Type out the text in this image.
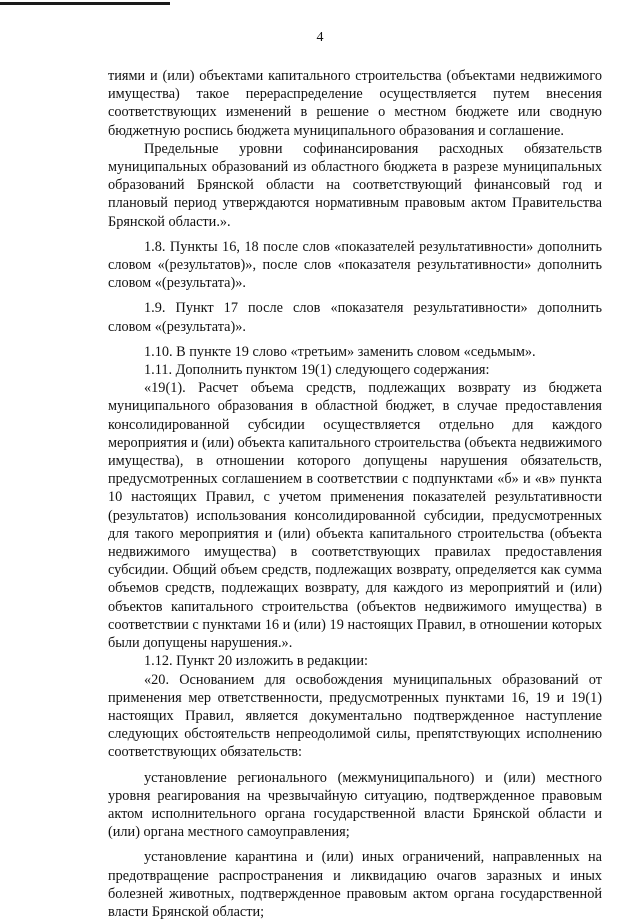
4

тиями и (или) объектами капитального строительства (объектами недвижимого имущества) такое перераспределение осуществляется путем внесения соответствующих изменений в решение о местном бюджете или сводную бюджетную роспись бюджета муниципального образования и соглашение.

Предельные уровни софинансирования расходных обязательств муниципальных образований из областного бюджета в разрезе муниципальных образований Брянской области на соответствующий финансовый год и плановый период утверждаются нормативным правовым актом Правительства Брянской области.».

1.8. Пункты 16, 18 после слов «показателей результативности» дополнить словом «(результатов)», после слов «показателя результативности» дополнить словом «(результата)».

1.9. Пункт 17 после слов «показателя результативности» дополнить словом «(результата)».

1.10. В пункте 19 слово «третьим» заменить словом «седьмым».

1.11. Дополнить пунктом 19(1) следующего содержания:

«19(1). Расчет объема средств, подлежащих возврату из бюджета муниципального образования в областной бюджет, в случае предоставления консолидированной субсидии осуществляется отдельно для каждого мероприятия и (или) объекта капитального строительства (объекта недвижимого имущества), в отношении которого допущены нарушения обязательств, предусмотренных соглашением в соответствии с подпунктами «б» и «в» пункта 10 настоящих Правил, с учетом применения показателей результативности (результатов) использования консолидированной субсидии, предусмотренных для такого мероприятия и (или) объекта капитального строительства (объекта недвижимого имущества) в соответствующих правилах предоставления субсидии. Общий объем средств, подлежащих возврату, определяется как сумма объемов средств, подлежащих возврату, для каждого из мероприятий и (или) объектов капитального строительства (объектов недвижимого имущества) в соответствии с пунктами 16 и (или) 19 настоящих Правил, в отношении которых были допущены нарушения.».

1.12. Пункт 20 изложить в редакции:

«20. Основанием для освобождения муниципальных образований от применения мер ответственности, предусмотренных пунктами 16, 19 и 19(1) настоящих Правил, является документально подтвержденное наступление следующих обстоятельств непреодолимой силы, препятствующих исполнению соответствующих обязательств:

установление регионального (межмуниципального) и (или) местного уровня реагирования на чрезвычайную ситуацию, подтвержденное правовым актом исполнительного органа государственной власти Брянской области и (или) органа местного самоуправления;

установление карантина и (или) иных ограничений, направленных на предотвращение распространения и ликвидацию очагов заразных и иных болезней животных, подтвержденное правовым актом органа государственной власти Брянской области;
